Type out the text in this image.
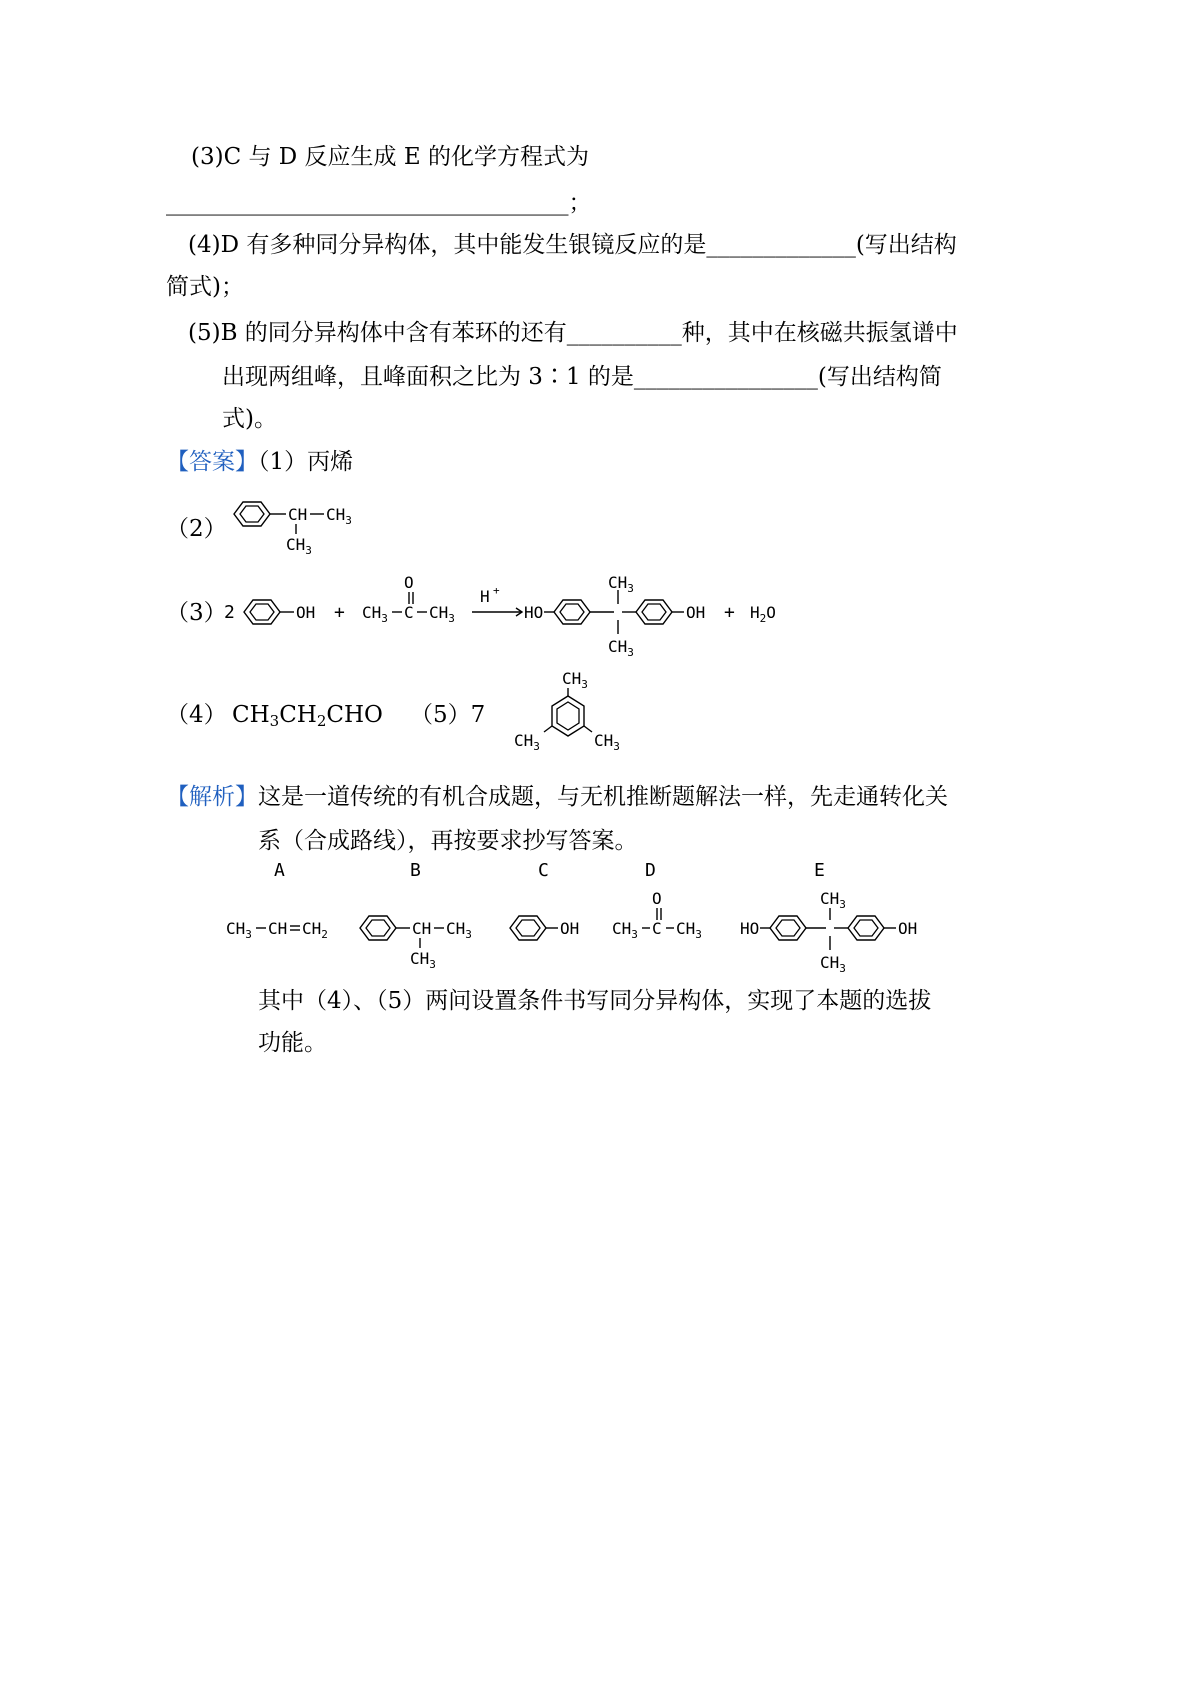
(3)C 与 D 反应生成 E 的化学方程式为
___________________________________；
(4)D 有多种同分异构体，其中能发生银镜反应的是_____________(写出结构
简式)；
(5)B 的同分异构体中含有苯环的还有__________种，其中在核磁共振氢谱中
出现两组峰，且峰面积之比为 3∶1 的是________________(写出结构简
式)。
【答案】（1）丙烯
（2）
CH $CH_3$
$CH_3$
（3）
2	OH + $CH_3$ C
O
$CH_3$
H +
HO
$CH_3$
$CH_3$
OH + $H_2O$
（4） $CH_3CH_2CHO$ （5）7
$CH_3$
$CH_3$	$CH_3$
【解析】这是一道传统的有机合成题，与无机推断题解法一样，先走通转化关
系（合成路线），再按要求抄写答案。
A	B	C	D	E
$CH_3$ CH $CH_2$	CH $CH_3$
$CH_3$
OH $CH_3$ C
O
$CH_3$ HO
$CH_3$
$CH_3$
OH
其中（4）、（5）两问设置条件书写同分异构体，实现了本题的选拔
功能。
